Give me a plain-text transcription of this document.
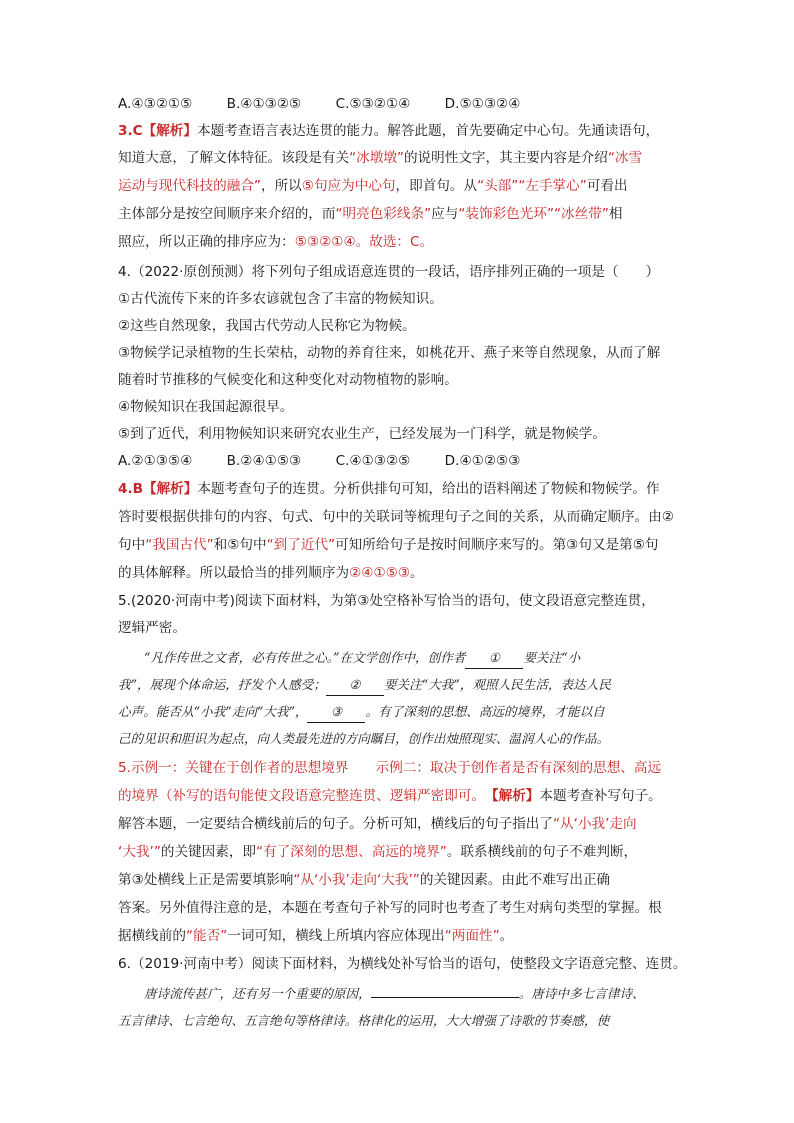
A.④③②①⑤	B.④①③②⑤	C.⑤③②①④	D.⑤①③②④
3.C【解析】本题考查语言表达连贯的能力。解答此题，首先要确定中心句。先通读语句，
知道大意，了解文体特征。该段是有关“冰墩墩”的说明性文字，其主要内容是介绍“冰雪
运动与现代科技的融合”，所以⑤句应为中心句，即首句。从“头部”“左手掌心”可看出
主体部分是按空间顺序来介绍的，而“明亮色彩线条”应与“装饰彩色光环”“冰丝带”相
照应，所以正确的排序应为：⑤③②①④。故选：C。
4.（2022·原创预测）将下列句子组成语意连贯的一段话，语序排列正确的一项是（　　）
①古代流传下来的许多农谚就包含了丰富的物候知识。
②这些自然现象，我国古代劳动人民称它为物候。
③物候学记录植物的生长荣枯，动物的养育往来，如桃花开、燕子来等自然现象，从而了解
随着时节推移的气候变化和这种变化对动物植物的影响。
④物候知识在我国起源很早。
⑤到了近代，利用物候知识来研究农业生产，已经发展为一门科学，就是物候学。
A.②①③⑤④	B.②④①⑤③	C.④①③②⑤	D.④①②⑤③
4.B【解析】本题考查句子的连贯。分析供排句可知，给出的语料阐述了物候和物候学。作
答时要根据供排句的内容、句式、句中的关联词等梳理句子之间的关系，从而确定顺序。由②
句中“我国古代”和⑤句中“到了近代”可知所给句子是按时间顺序来写的。第③句又是第⑤句
的具体解释。所以最恰当的排列顺序为②④①⑤③。
5.(2020·河南中考)阅读下面材料，为第③处空格补写恰当的语句，使文段语意完整连贯，
逻辑严密。
“凡作传世之文者，必有传世之心。”在文学创作中，创作者 ① 要关注“小
我”，展现个体命运，抒发个人感受； ② 要关注“大我”，观照人民生活，表达人民
心声。能否从“小我”走向“大我”， ③ 。有了深刻的思想、高远的境界，才能以自
己的见识和胆识为起点，向人类最先进的方向瞩目，创作出烛照现实、温润人心的作品。
5.示例一：关键在于创作者的思想境界　　示例二：取决于创作者是否有深刻的思想、高远
的境界（补写的语句能使文段语意完整连贯、逻辑严密即可。　【解析】本题考查补写句子。
解答本题，一定要结合横线前后的句子。分析可知，横线后的句子指出了“从‘小我’走向
‘大我’”的关键因素，即“有了深刻的思想、高远的境界”。联系横线前的句子不难判断，
第③处横线上正是需要填影响“从‘小我’走向‘大我’”的关键因素。由此不难写出正确
答案。另外值得注意的是，本题在考查句子补写的同时也考查了考生对病句类型的掌握。根
据横线前的“能否”一词可知，横线上所填内容应体现出“两面性”。
6.（2019·河南中考）阅读下面材料，为横线处补写恰当的语句，使整段文字语意完整、连贯。
唐诗流传甚广，还有另一个重要的原因，	。唐诗中多七言律诗、
五言律诗、七言绝句、五言绝句等格律诗。格律化的运用，大大增强了诗歌的节奏感，使
